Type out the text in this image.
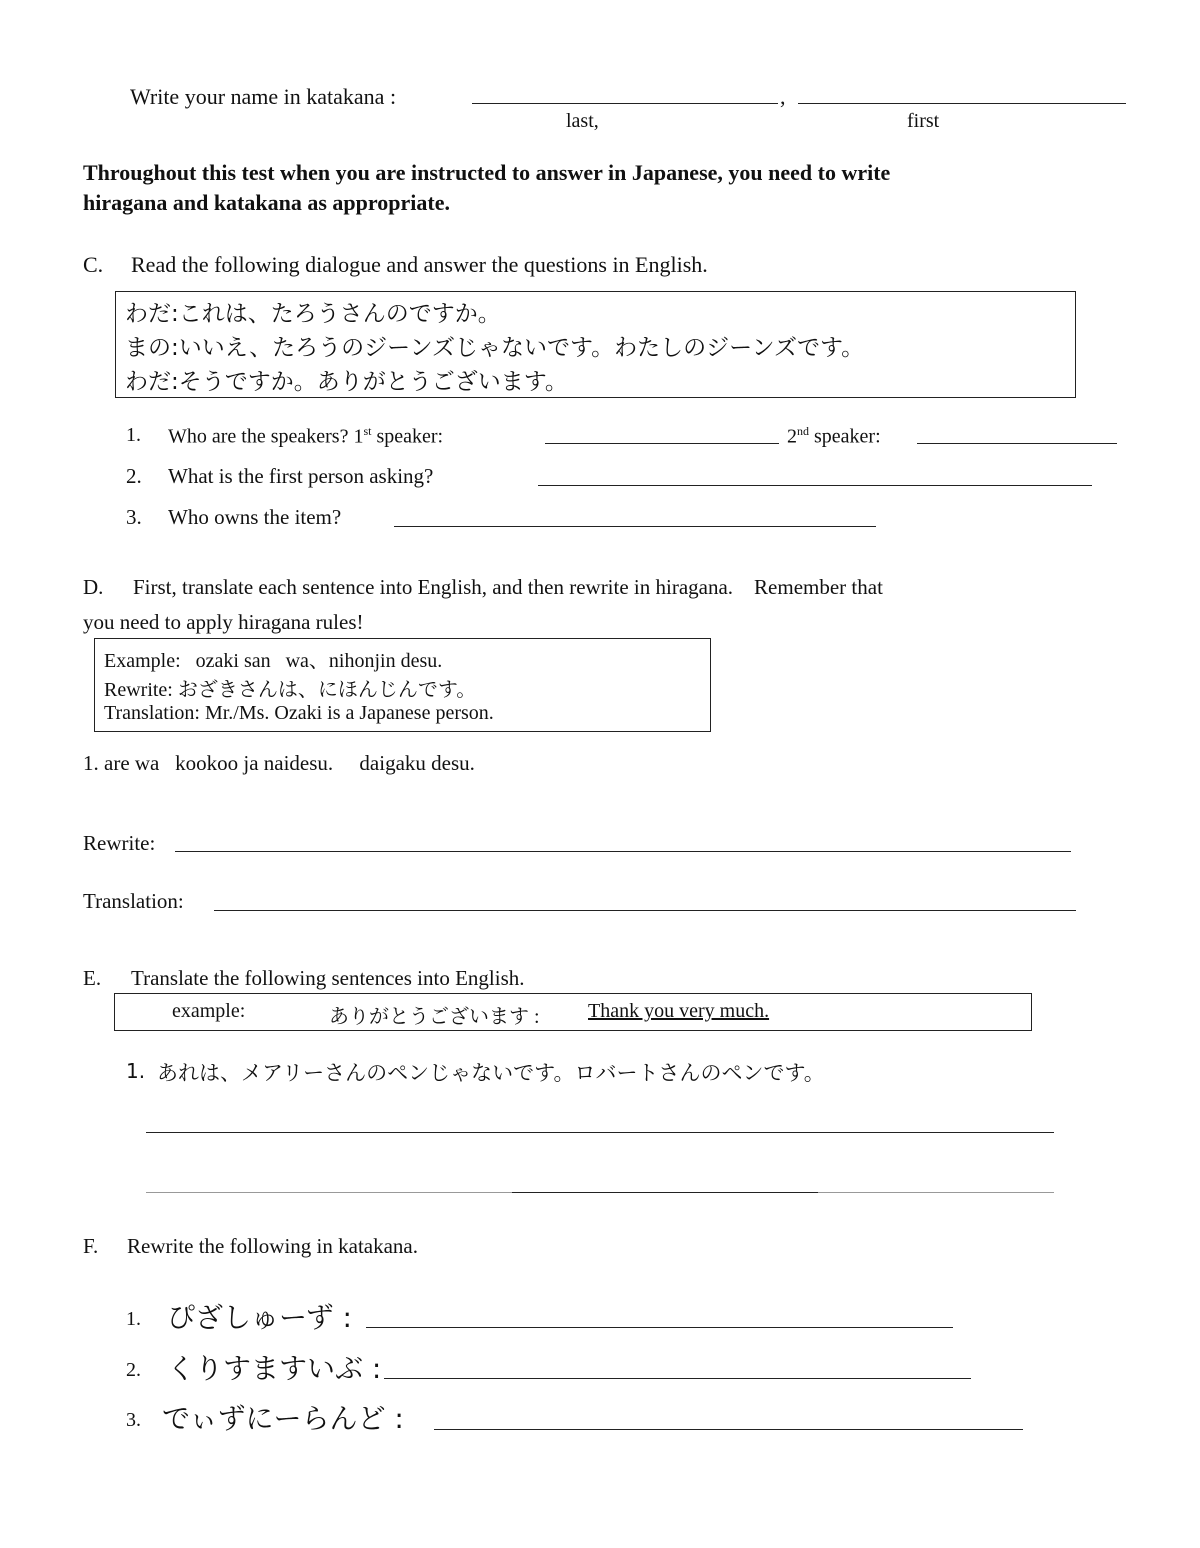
Write your name in katakana :	,
last,	first
Throughout this test when you are instructed to answer in Japanese, you need to write
hiragana and katakana as appropriate.
C. Read the following dialogue and answer the questions in English.
わだ:これは、たろうさんのですか。
まの:いいえ、たろうのジーンズじゃないです。わたしのジーンズです。
わだ:そうですか。ありがとうございます。
1. Who are the speakers? 1st speaker:	2nd speaker:
2. What is the first person asking?
3. Who owns the item?
D. First, translate each sentence into English, and then rewrite in hiragana.    Remember that
you need to apply hiragana rules!
Example:   ozaki san   wa、nihonjin desu.
Rewrite: おざきさんは、にほんじんです。
Translation: Mr./Ms. Ozaki is a Japanese person.
1. are wa   kookoo ja naidesu.     daigaku desu.
Rewrite:
Translation:
E. Translate the following sentences into English.
example:	ありがとうございます : Thank you very much.
1. あれは、メアリーさんのペンじゃないです。ロバートさんのペンです。
F. Rewrite the following in katakana.
1. ぴざしゅーず :
2. くりすますいぶ :
3. でぃずにーらんど :
